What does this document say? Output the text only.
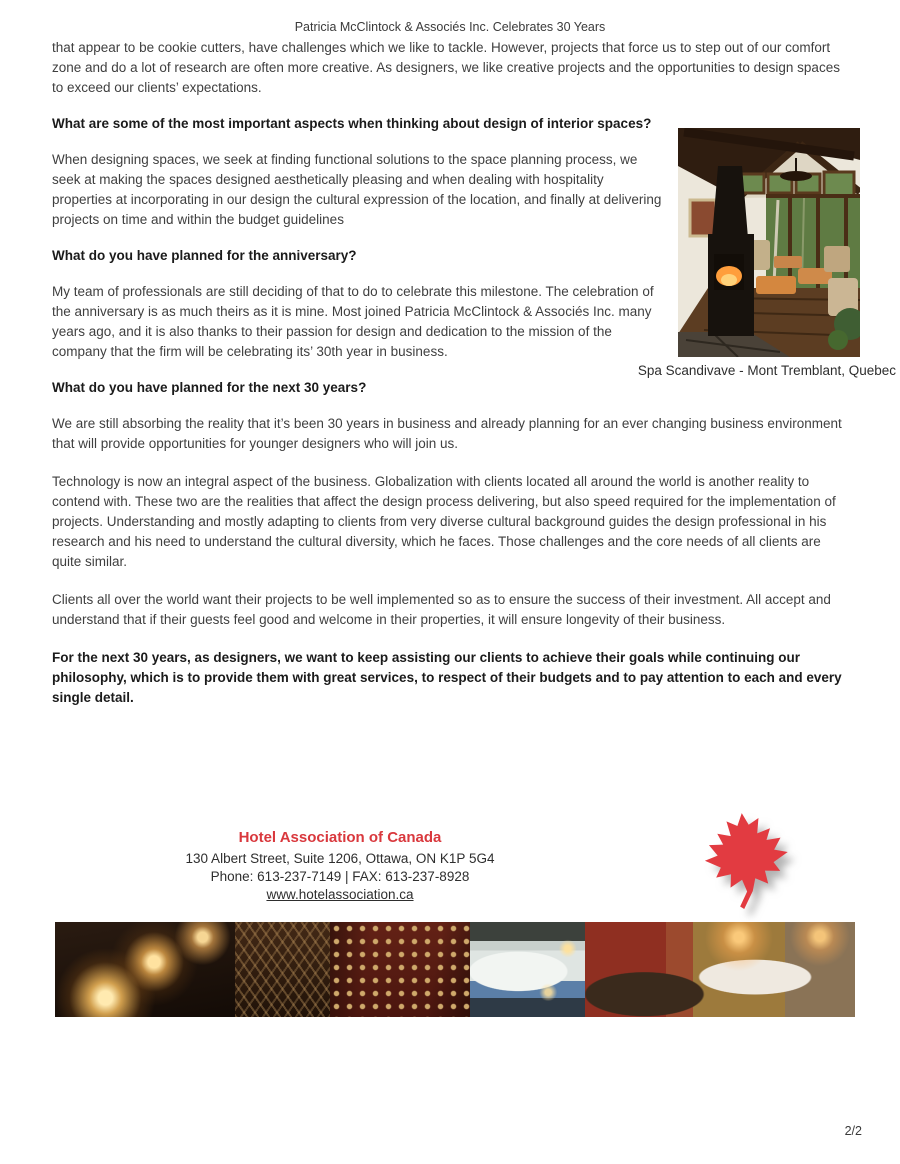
Patricia McClintock & Associés Inc. Celebrates 30 Years

that appear to be cookie cutters, have challenges which we like to tackle. However, projects that force us to step out of our comfort zone and do a lot of research are often more creative. As designers, we like creative projects and the opportunities to design spaces to exceed our clients’ expectations.

Spa Scandivave - Mont Tremblant, Quebec
What are some of the most important aspects when thinking about design of interior spaces?

When designing spaces, we seek at finding functional solutions to the space planning process, we seek at making the spaces designed aesthetically pleasing and when dealing with hospitality properties at incorporating in our design the cultural expression of the location, and finally at delivering projects on time and within the budget guidelines

What do you have planned for the anniversary?

My team of professionals are still deciding of that to do to celebrate this milestone. The celebration of the anniversary is as much theirs as it is mine. Most joined Patricia McClintock & Associés Inc. many years ago, and it is also thanks to their passion for design and dedication to the mission of the company that the firm will be celebrating its’ 30th year in business.

What do you have planned for the next 30 years?

We are still absorbing the reality that it’s been 30 years in business and already planning for an ever changing business environment that will provide opportunities for younger designers who will join us.

Technology is now an integral aspect of the business. Globalization with clients located all around the world is another reality to contend with. These two are the realities that affect the design process delivering, but also speed required for the implementation of projects. Understanding and mostly adapting to clients from very diverse cultural background guides the design professional in his research and his need to understand the cultural diversity, which he faces. Those challenges and the core needs of all clients are quite similar.

Clients all over the world want their projects to be well implemented so as to ensure the success of their investment. All accept and understand that if their guests feel good and welcome in their properties, it will ensure longevity of their business.

For the next 30 years, as designers, we want to keep assisting our clients to achieve their goals while continuing our philosophy, which is to provide them with great services, to respect of their budgets and to pay attention to each and every single detail.

Hotel Association of Canada
130 Albert Street, Suite 1206, Ottawa, ON K1P 5G4
Phone: 613-237-7149 | FAX: 613-237-8928
www.hotelassociation.ca
2/2
